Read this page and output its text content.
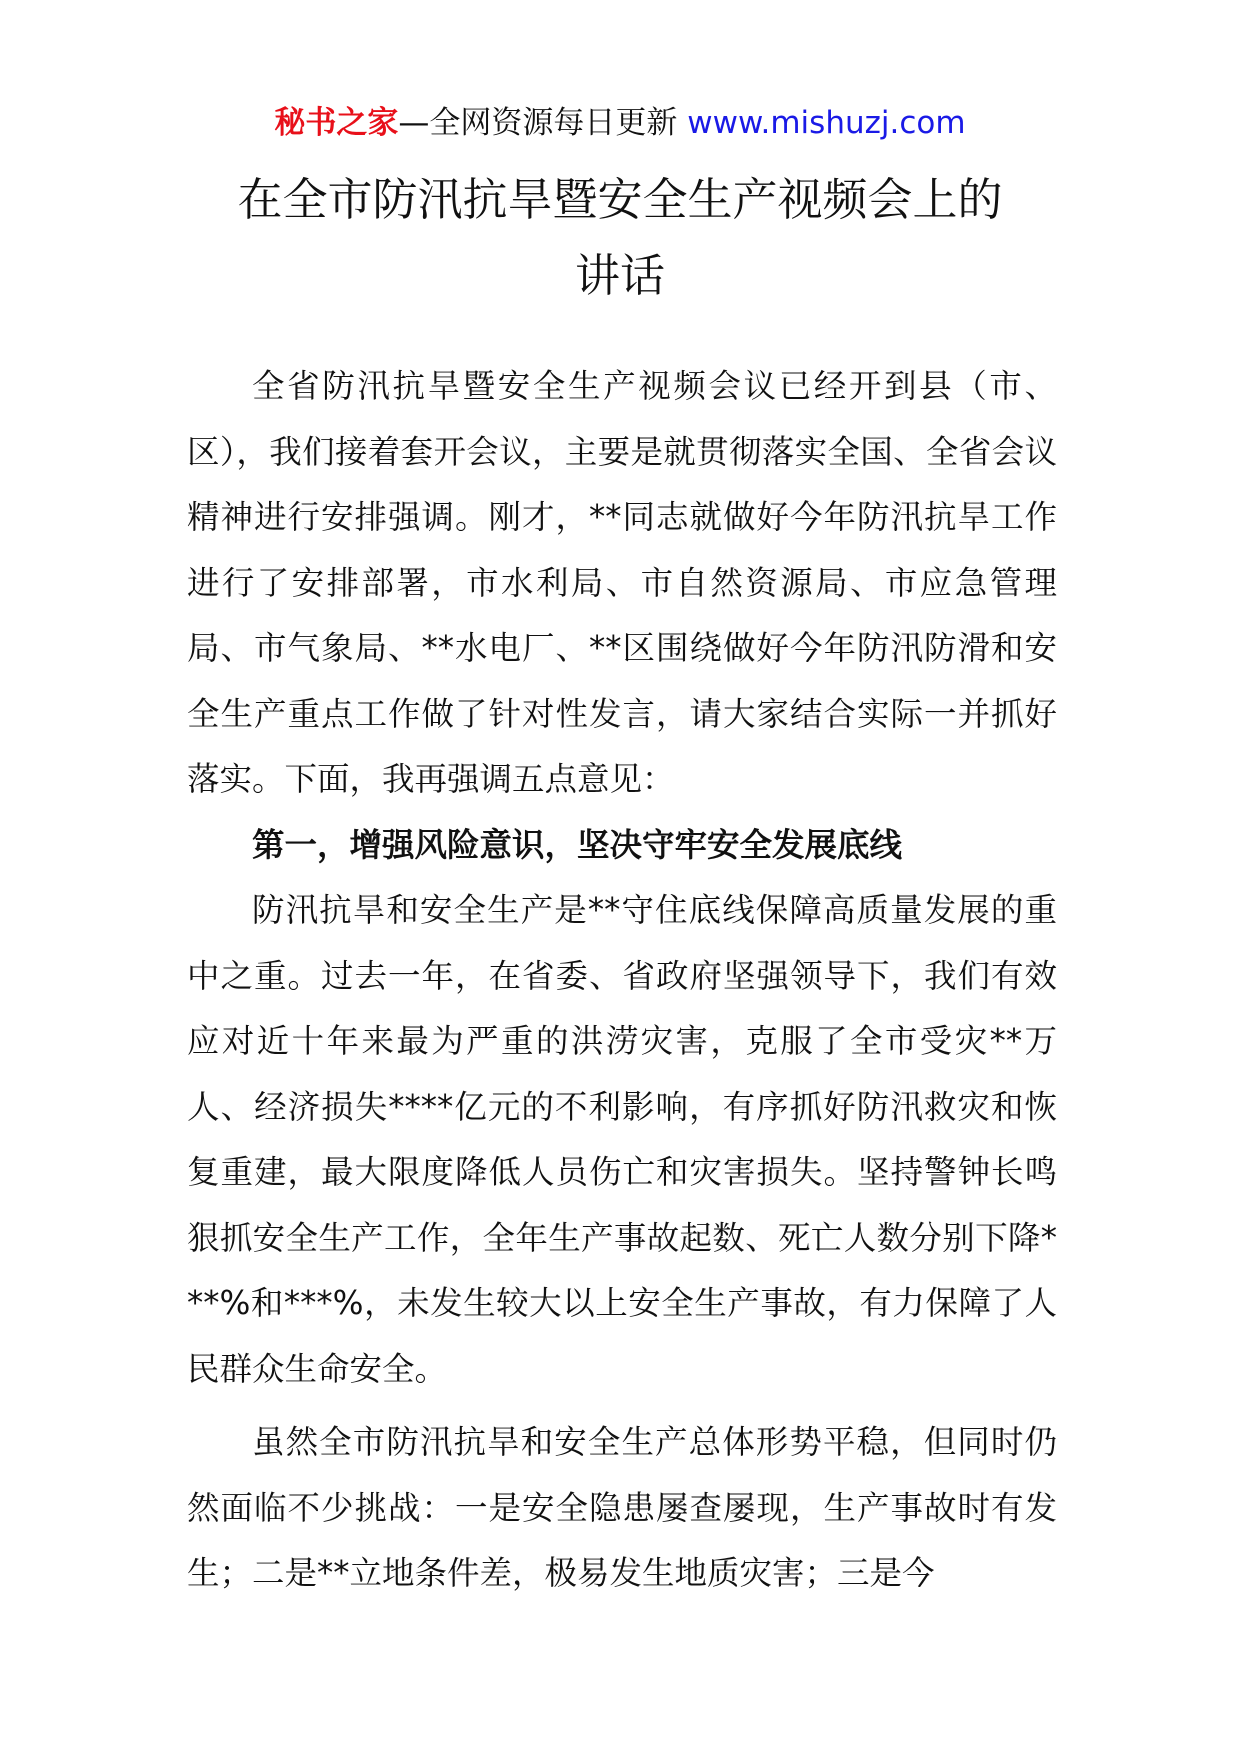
秘书之家—全网资源每日更新 www.mishuzj.com
在全市防汛抗旱暨安全生产视频会上的
讲话

全省防汛抗旱暨安全生产视频会议已经开到县（市、区），我们接着套开会议，主要是就贯彻落实全国、全省会议精神进行安排强调。刚才，**同志就做好今年防汛抗旱工作进行了安排部署，市水利局、市自然资源局、市应急管理局、市气象局、**水电厂、**区围绕做好今年防汛防滑和安全生产重点工作做了针对性发言，请大家结合实际一并抓好落实。下面，我再强调五点意见：

第一，增强风险意识，坚决守牢安全发展底线

防汛抗旱和安全生产是**守住底线保障高质量发展的重中之重。过去一年，在省委、省政府坚强领导下，我们有效应对近十年来最为严重的洪涝灾害，克服了全市受灾**万人、经济损失****亿元的不利影响，有序抓好防汛救灾和恢复重建，最大限度降低人员伤亡和灾害损失。坚持警钟长鸣狠抓安全生产工作，全年生产事故起数、死亡人数分别下降***%和***%，未发生较大以上安全生产事故，有力保障了人民群众生命安全。

虽然全市防汛抗旱和安全生产总体形势平稳，但同时仍然面临不少挑战：一是安全隐患屡查屡现，生产事故时有发生；二是**立地条件差，极易发生地质灾害；三是今
